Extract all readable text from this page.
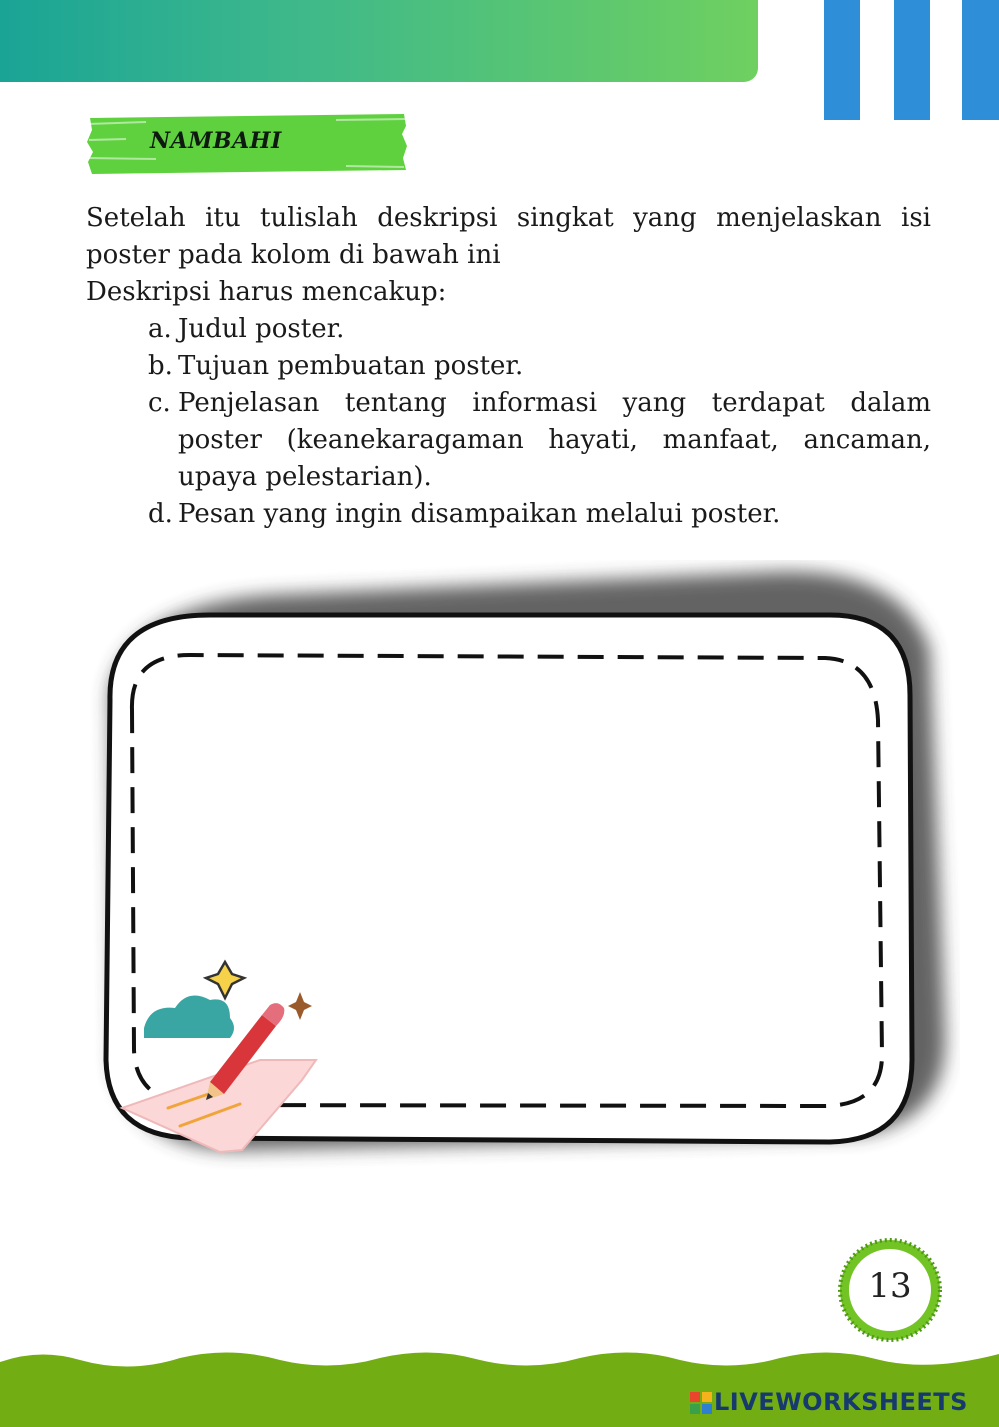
NAMBAHI

Setelah itu tulislah deskripsi singkat yang menjelaskan isi poster pada kolom di bawah ini

Deskripsi harus mencakup:

a. Judul poster.
b. Tujuan pembuatan poster.
c. Penjelasan tentang informasi yang terdapat dalam poster (keanekaragaman hayati, manfaat, ancaman, upaya pelestarian).
d. Pesan yang ingin disampaikan melalui poster.
13
LIVEWORKSHEETS
